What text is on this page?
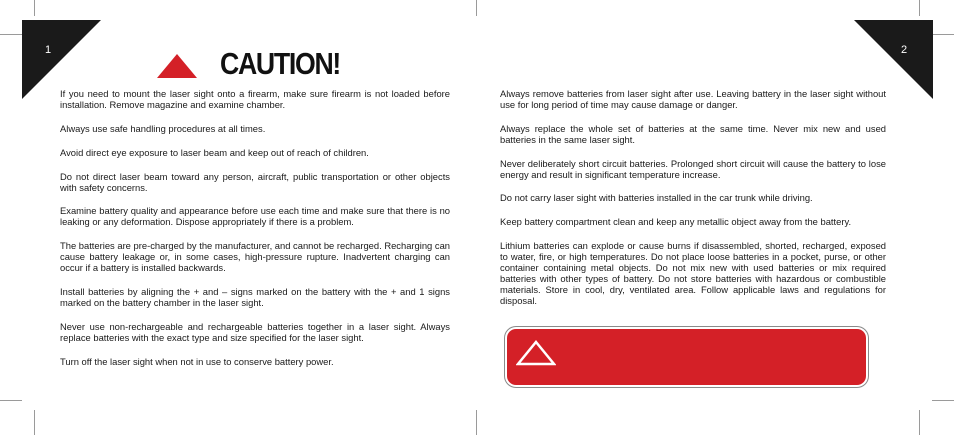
1	2
CAUTION!

If you need to mount the laser sight onto a firearm, make sure firearm is not loaded before installation. Remove magazine and examine chamber.

Always use safe handling procedures at all times.

Avoid direct eye exposure to laser beam and keep out of reach of children.

Do not direct laser beam toward any person, aircraft, public transportation or other objects with safety concerns.

Examine battery quality and appearance before use each time and make sure that there is no leaking or any deformation. Dispose appropriately if there is a problem.

The batteries are pre-charged by the manufacturer, and cannot be recharged. Recharging can cause battery leakage or, in some cases, high-pressure rupture. Inadvertent charging can occur if a battery is installed backwards.

Install batteries by aligning the + and – signs marked on the battery with the + and 1 signs marked on the battery chamber in the laser sight.

Never use non-rechargeable and rechargeable batteries together in a laser sight. Always replace batteries with the exact type and size specified for the laser sight.

Turn off the laser sight when not in use to conserve battery power.

Always remove batteries from laser sight after use. Leaving battery in the laser sight without use for long period of time may cause damage or danger.

Always replace the whole set of batteries at the same time. Never mix new and used batteries in the same laser sight.

Never deliberately short circuit batteries. Prolonged short circuit will cause the battery to lose energy and result in significant temperature increase.

Do not carry laser sight with batteries installed in the car trunk while driving.

Keep battery compartment clean and keep any metallic object away from the battery.

Lithium batteries can explode or cause burns if disassembled, shorted, recharged, exposed to water, fire, or high temperatures. Do not place loose batteries in a pocket, purse, or other container containing metal objects. Do not mix new with used batteries or mix required batteries with other types of battery. Do not store batteries with hazardous or combustible materials. Store in cool, dry, ventilated area. Follow applicable laws and regulations for disposal.
